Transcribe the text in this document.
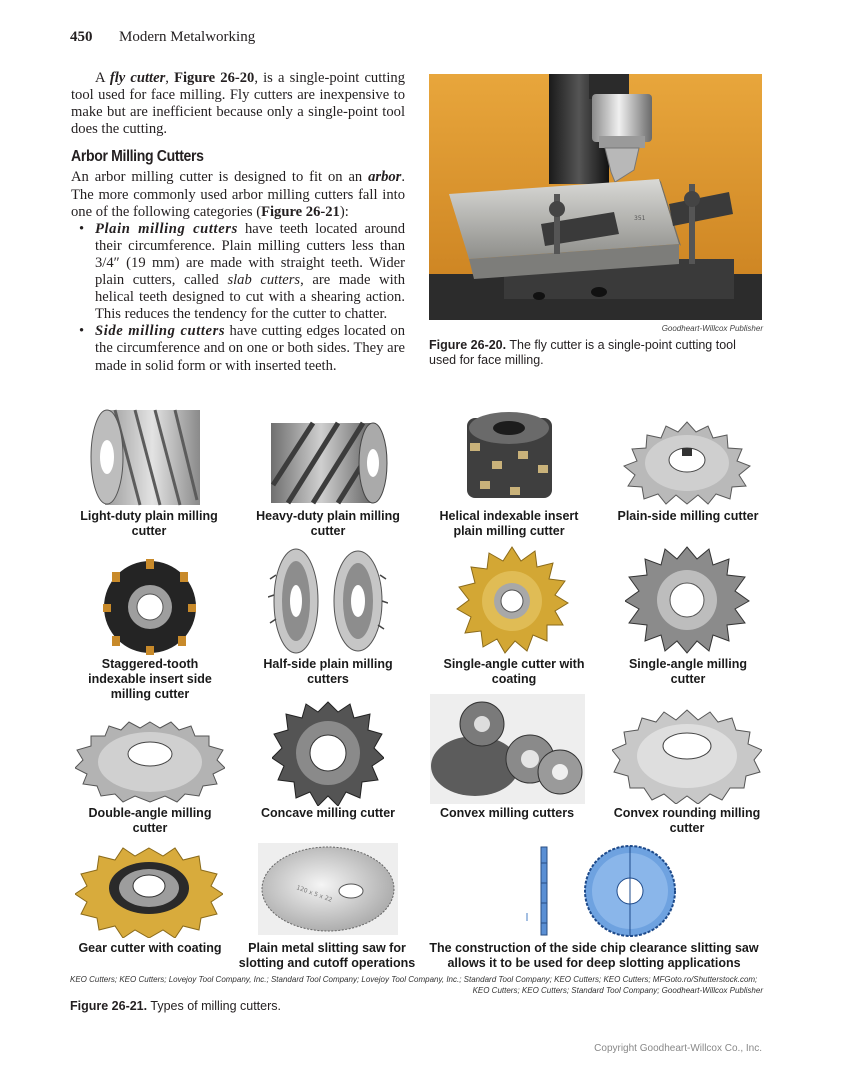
450 Modern Metalworking

A fly cutter, Figure 26-20, is a single-point cutting tool used for face milling. Fly cutters are inexpensive to make but are inefficient because only a single-point tool does the cutting.

Arbor Milling Cutters

An arbor milling cutter is designed to fit on an arbor. The more commonly used arbor milling cutters fall into one of the following categories (Figure 26-21):

• Plain milling cutters have teeth located around their circumference. Plain milling cutters less than 3/4″ (19 mm) are made with straight teeth. Wider plain cutters, called slab cutters, are made with helical teeth designed to cut with a shearing action. This reduces the tendency for the cutter to chatter.
• Side milling cutters have cutting edges located on the circumference and on one or both sides. They are made in solid form or with inserted teeth.
351
Goodheart-Willcox Publisher
Figure 26-20. The fly cutter is a single-point cutting tool used for face milling.
Light-duty plain milling cutter
Heavy-duty plain milling cutter
Helical indexable insert plain milling cutter
Plain-side milling cutter
Staggered-tooth indexable insert side milling cutter
Half-side plain milling cutters
Single-angle cutter with coating
Single-angle milling cutter
Double-angle milling cutter
Concave milling cutter	Convex milling cutters	Convex rounding milling cutter
Gear cutter with coating
120 x 5 x 22
Plain metal slitting saw for slotting and cutoff operations
The construction of the side chip clearance slitting saw allows it to be used for deep slotting applications
KEO Cutters; KEO Cutters; Lovejoy Tool Company, Inc.; Standard Tool Company; Lovejoy Tool Company, Inc.; Standard Tool Company; KEO Cutters; KEO Cutters; MFGoto.ro/Shutterstock.com;
KEO Cutters; KEO Cutters; Standard Tool Company; Goodheart-Willcox Publisher
Figure 26-21. Types of milling cutters.
Copyright Goodheart-Willcox Co., Inc.
